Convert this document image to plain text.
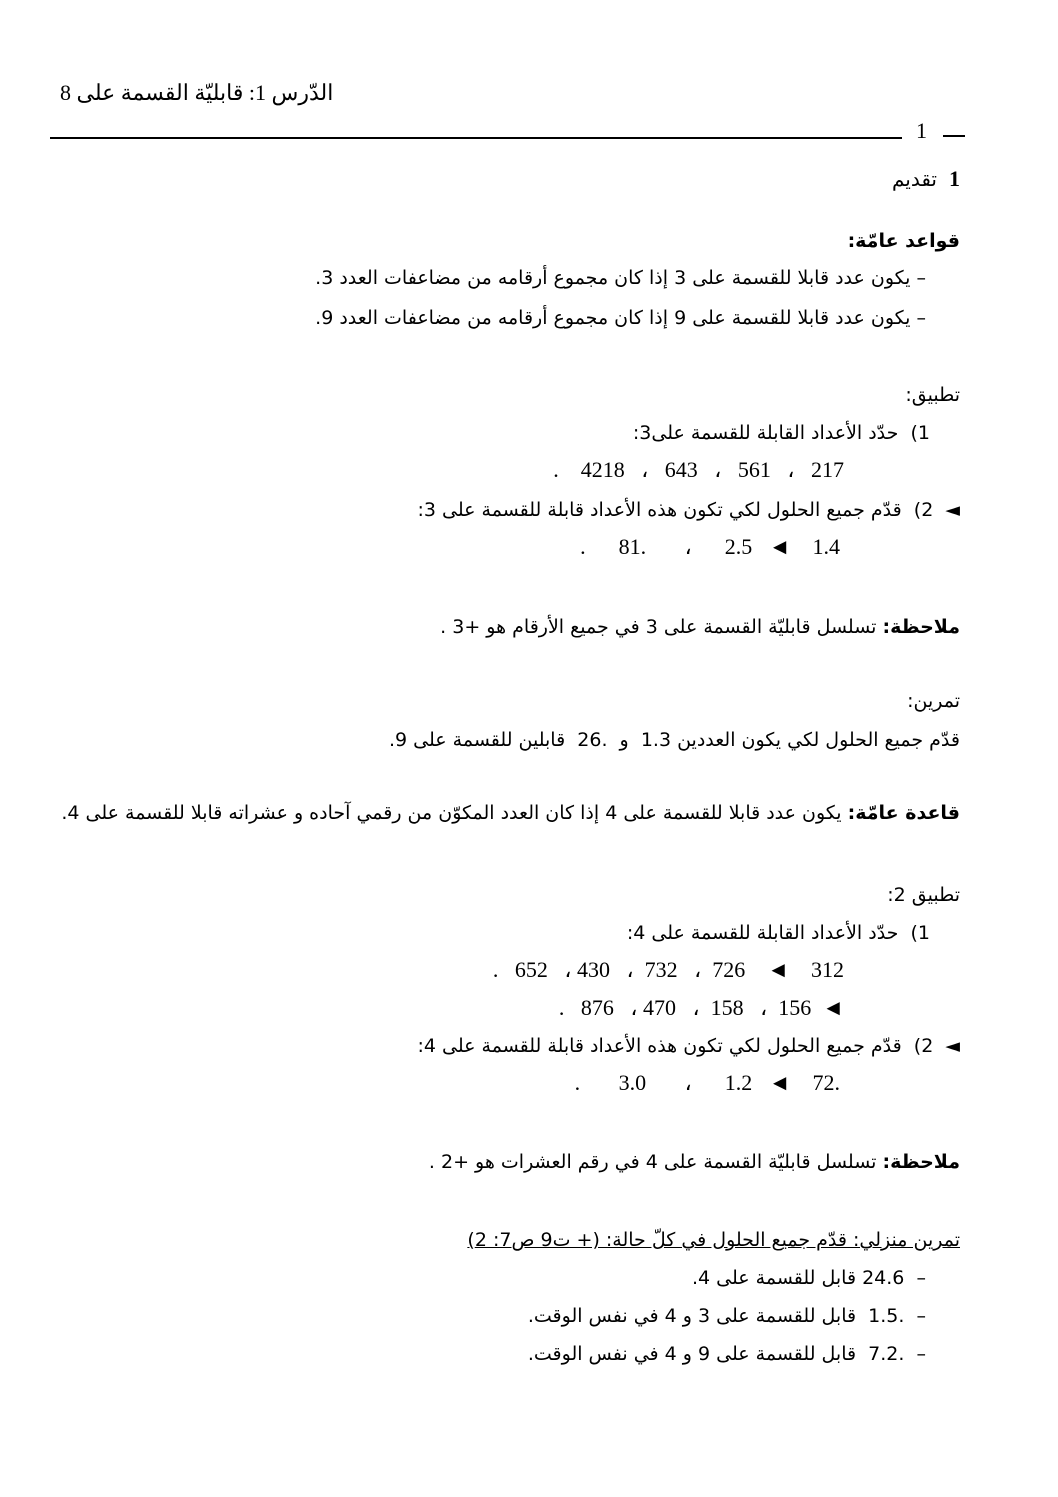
الدّرس 1: قابليّة القسمة على 8
1
1
تقديم
قواعد عامّة:
– يكون عدد قابلا للقسمة على 3 إذا كان مجموع أرقامه من مضاعفات العدد 3.
– يكون عدد قابلا للقسمة على 9 إذا كان مجموع أرقامه من مضاعفات العدد 9.
تطبيق:
1)  حدّد الأعداد القابلة للقسمة على3:
.    4218   ،   643   ،   561   ،   217
◄  2)  قدّم جميع الحلول لكي تكون هذه الأعداد قابلة للقسمة على 3:
.      81.       ،      2.5   ◄    1.4
ملاحظة:
تسلسل قابليّة القسمة على 3 في جميع الأرقام هو +3 .
تمرين:
قدّم جميع الحلول لكي يكون العددين 1.3  و  .26  قابلين للقسمة على 9.
قاعدة عامّة: يكون عدد قابلا للقسمة على 4 إذا كان العدد المكوّن من رقمي آحاده و عشراته قابلا للقسمة على 4.
تطبيق 2:
1)  حدّد الأعداد القابلة للقسمة على 4:
.   652   ، 430   ،  732   ،  726    ◄    312
.   876   ، 470   ،  158   ،  156  ◄
◄  2)  قدّم جميع الحلول لكي تكون هذه الأعداد قابلة للقسمة على 4:
.       3.0       ،      1.2   ◄    72.
ملاحظة:
تسلسل قابليّة القسمة على 4 في رقم العشرات هو +2 .
تمرين منزلي:
قدّم جميع الحلول في كلّ حالة: (+ ت9 ص7: 2)
–  24.6 قابل للقسمة على 4.
–  .1.5  قابل للقسمة على 3 و 4 في نفس الوقت.
–  .7.2  قابل للقسمة على 9 و 4 في نفس الوقت.
